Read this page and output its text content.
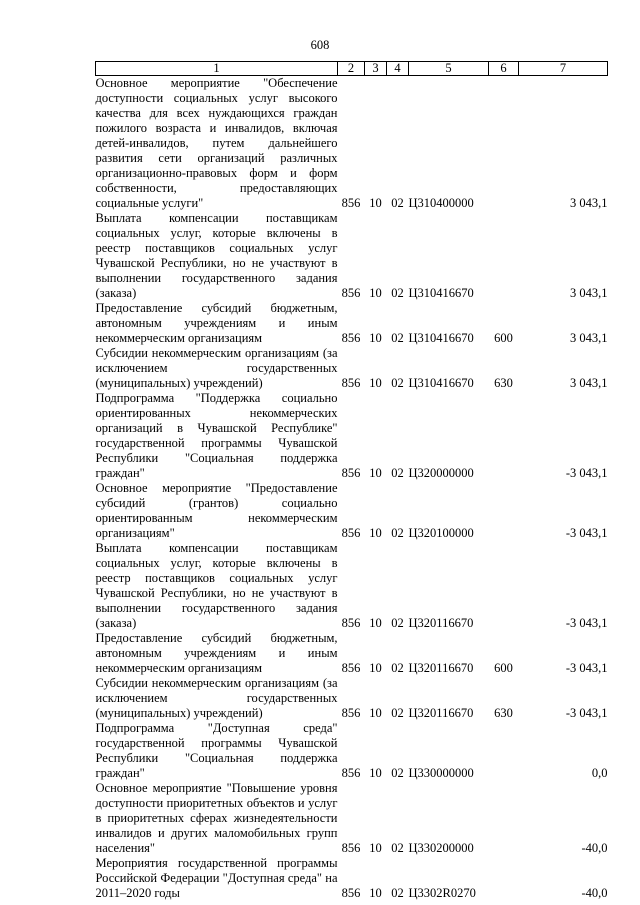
608
1	2	3	4	5	6	7
Основное мероприятие "Обеспечение доступности социальных услуг высокого качества для всех нуждающихся граждан пожилого возраста и инвалидов, включая детей-инвалидов, путем дальнейшего развития сети организаций различных организационно-правовых форм и форм собственности, предоставляющих социальные услуги"	856	10	02	Ц310400000		3 043,1
Выплата компенсации поставщикам социальных услуг, которые включены в реестр поставщиков социальных услуг Чувашской Республики, но не участвуют в выполнении государственного задания (заказа)	856	10	02	Ц310416670		3 043,1
Предоставление субсидий бюджетным, автономным учреждениям и иным некоммерческим организациям	856	10	02	Ц310416670	600	3 043,1
Субсидии некоммерческим организациям (за исключением государственных (муниципальных) учреждений)	856	10	02	Ц310416670	630	3 043,1
Подпрограмма "Поддержка социально ориентированных некоммерческих организаций в Чувашской Республике" государственной программы Чувашской Республики "Социальная поддержка граждан"	856	10	02	Ц320000000		-3 043,1
Основное мероприятие "Предоставление субсидий (грантов) социально ориентированным некоммерческим организациям"	856	10	02	Ц320100000		-3 043,1
Выплата компенсации поставщикам социальных услуг, которые включены в реестр поставщиков социальных услуг Чувашской Республики, но не участвуют в выполнении государственного задания (заказа)	856	10	02	Ц320116670		-3 043,1
Предоставление субсидий бюджетным, автономным учреждениям и иным некоммерческим организациям	856	10	02	Ц320116670	600	-3 043,1
Субсидии некоммерческим организациям (за исключением государственных (муниципальных) учреждений)	856	10	02	Ц320116670	630	-3 043,1
Подпрограмма "Доступная среда" государственной программы Чувашской Республики "Социальная поддержка граждан"	856	10	02	Ц330000000		0,0
Основное мероприятие "Повышение уровня доступности приоритетных объектов и услуг в приоритетных сферах жизнедеятельности инвалидов и других маломобильных групп населения"	856	10	02	Ц330200000		-40,0
Мероприятия государственной программы Российской Федерации "Доступная среда" на 2011–2020 годы	856	10	02	Ц3302R0270		-40,0
